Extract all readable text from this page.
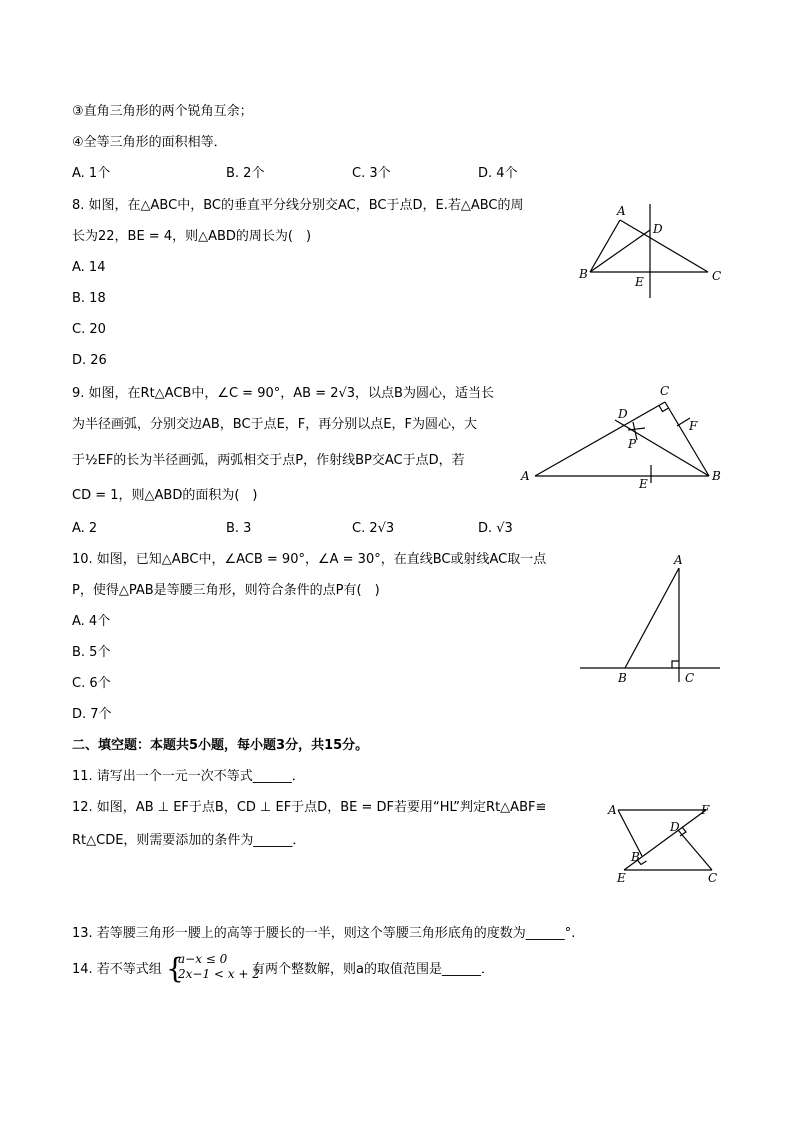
③直角三角形的两个锐角互余；
④全等三角形的面积相等．
A. 1个	B. 2个	C. 3个	D. 4个
8. 如图，在△ABC中，BC的垂直平分线分别交AC，BC于点D，E.若△ABC的周
长为22，BE = 4，则△ABD的周长为(　)
A. 14
B. 18
C. 20
D. 26
A
B	C
D
E
9. 如图，在Rt△ACB中，∠C = 90°，AB = 2√3，以点B为圆心，适当长
为半径画弧，分别交边AB，BC于点E，F，再分别以点E，F为圆心，大
于½EF的长为半径画弧，两弧相交于点P，作射线BP交AC于点D，若
CD = 1，则△ABD的面积为(　)
A. 2	B. 3	C. 2√3	D. √3
A	B
C
D
E
F
P
10. 如图，已知△ABC中，∠ACB = 90°，∠A = 30°，在直线BC或射线AC取一点
P，使得△PAB是等腰三角形，则符合条件的点P有(　)
A. 4个
B. 5个
C. 6个
D. 7个
A
B	C
二、填空题：本题共5小题，每小题3分，共15分。
11. 请写出一个一元一次不等式______．
12. 如图，AB ⊥ EF于点B，CD ⊥ EF于点D，BE = DF若要用“HL”判定Rt△ABF≌
Rt△CDE，则需要添加的条件为______．
A	F
D
B
E	C
13. 若等腰三角形一腰上的高等于腰长的一半，则这个等腰三角形底角的度数为______°.
14. 若不等式组 {
a−x ≤ 0
2x−1 < x + 2
有两个整数解，则a的取值范围是______．
